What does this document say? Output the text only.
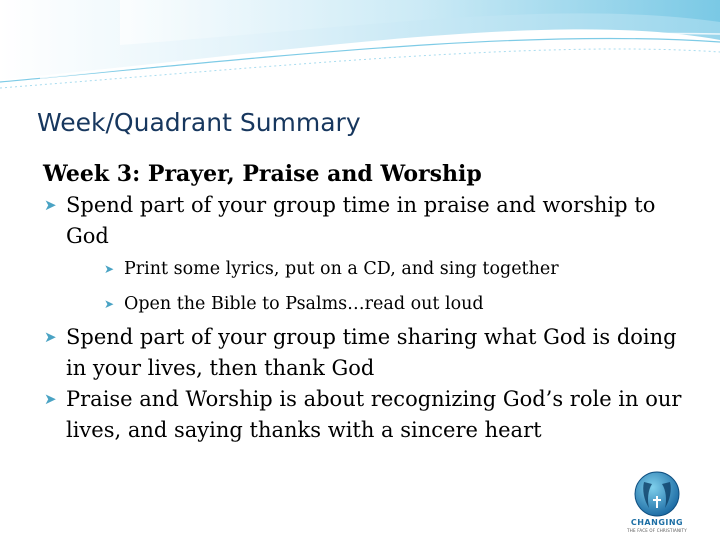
Week/Quadrant Summary
Week 3: Prayer, Praise and Worship
➤ Spend part of your group time in praise and worship to God
➤ Print some lyrics, put on a CD, and sing together
➤ Open the Bible to Psalms…read out loud
➤ Spend part of your group time sharing what God is doing in your lives, then thank God
➤ Praise and Worship is about recognizing God’s role in our lives, and saying thanks with a sincere heart
CHANGING
THE FACE OF CHRISTIANITY
